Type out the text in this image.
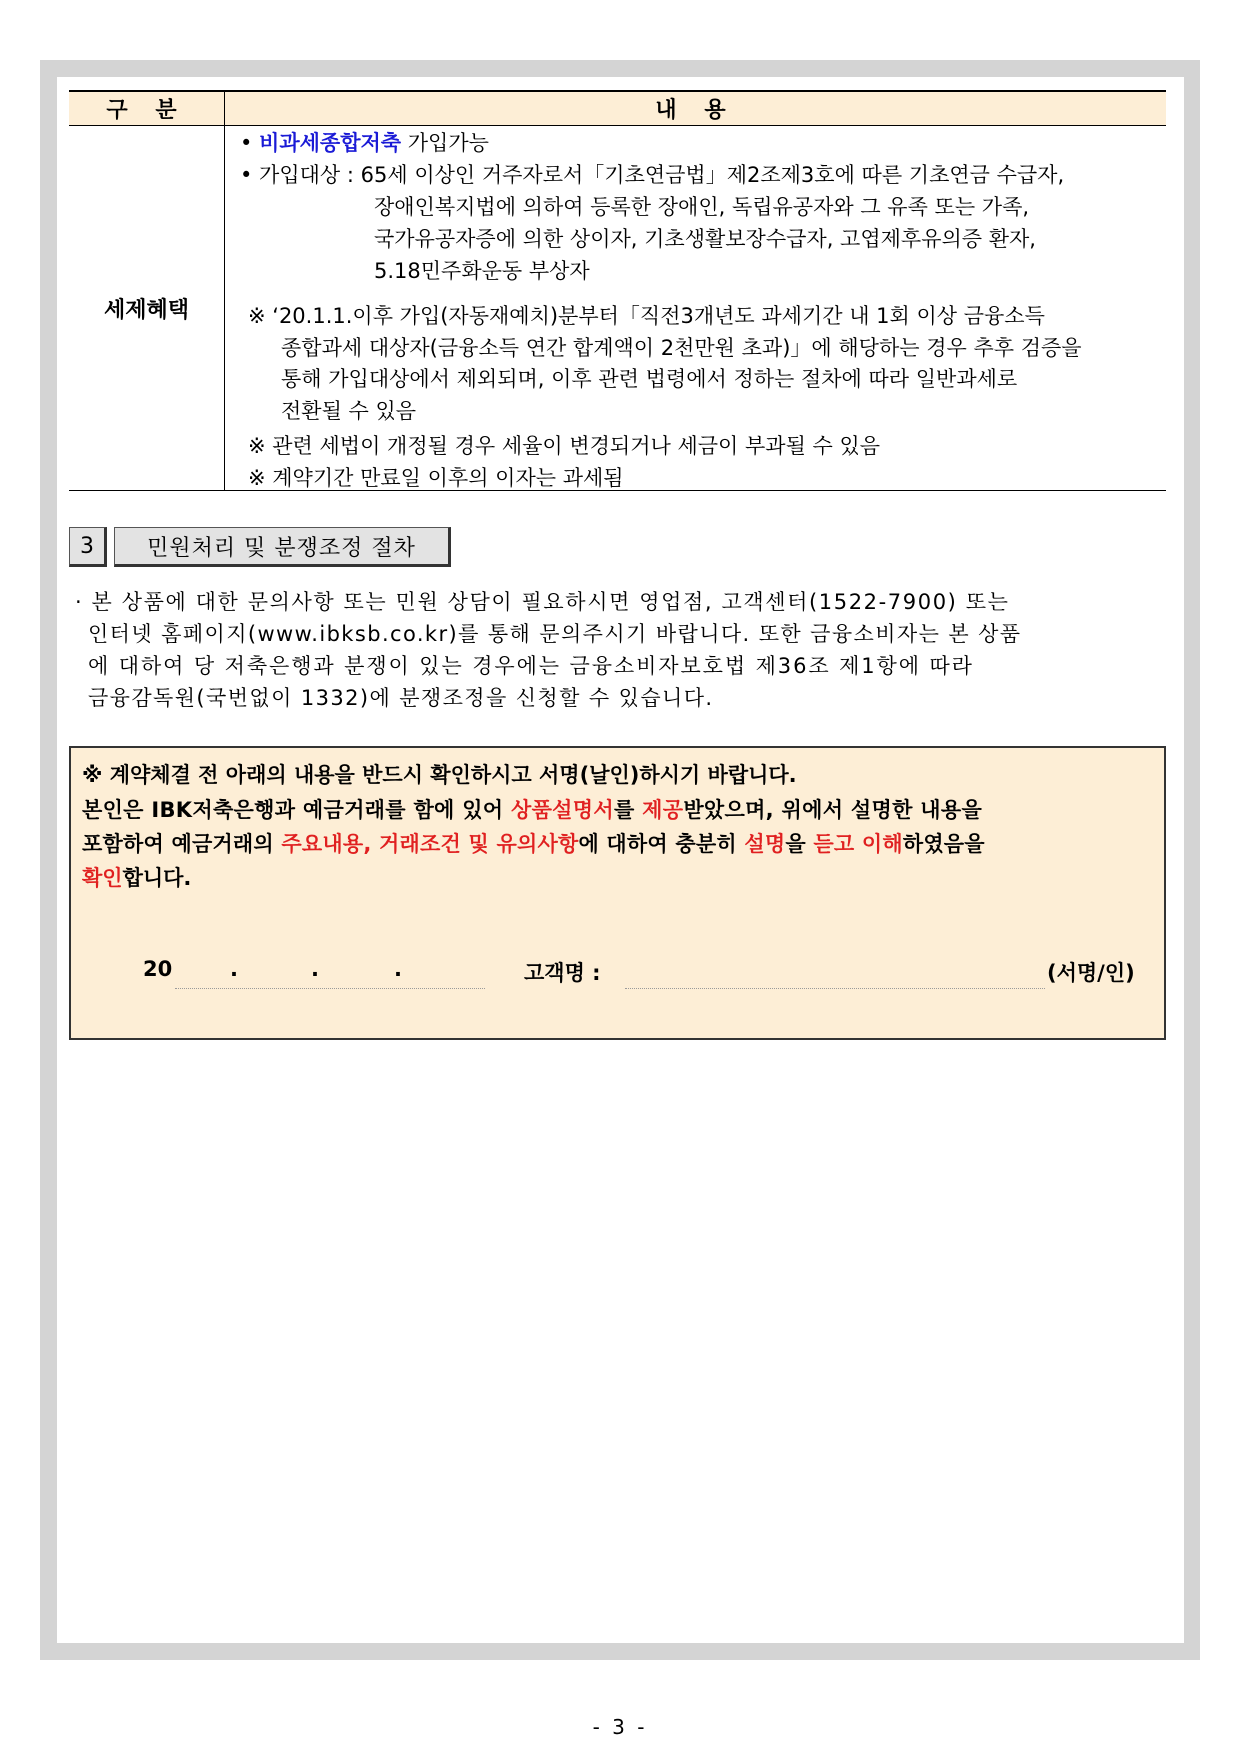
구 분	내 용
세제혜택	
• 비과세종합저축 가입가능
• 가입대상 : 65세 이상인 거주자로서「기초연금법」제2조제3호에 따른 기초연금 수급자,
장애인복지법에 의하여 등록한 장애인, 독립유공자와 그 유족 또는 가족,
국가유공자증에 의한 상이자, 기초생활보장수급자, 고엽제후유의증 환자,
5.18민주화운동 부상자
※ ‘20.1.1.이후 가입(자동재예치)분부터「직전3개년도 과세기간 내 1회 이상 금융소득
종합과세 대상자(금융소득 연간 합계액이 2천만원 초과)」에 해당하는 경우 추후 검증을
통해 가입대상에서 제외되며, 이후 관련 법령에서 정하는 절차에 따라 일반과세로
전환될 수 있음
※ 관련 세법이 개정될 경우 세율이 변경되거나 세금이 부과될 수 있음
※ 계약기간 만료일 이후의 이자는 과세됨
3	민원처리 및 분쟁조정 절차
· 본 상품에 대한 문의사항 또는 민원 상담이 필요하시면 영업점, 고객센터(1522-7900) 또는
인터넷 홈페이지(www.ibksb.co.kr)를 통해 문의주시기 바랍니다. 또한 금융소비자는 본 상품
에 대하여 당 저축은행과 분쟁이 있는 경우에는 금융소비자보호법 제36조 제1항에 따라
금융감독원(국번없이 1332)에 분쟁조정을 신청할 수 있습니다.
※ 계약체결 전 아래의 내용을 반드시 확인하시고 서명(날인)하시기 바랍니다.
본인은 IBK저축은행과 예금거래를 함에 있어 상품설명서를 제공받았으며, 위에서 설명한 내용을
포함하여 예금거래의 주요내용, 거래조건 및 유의사항에 대하여 충분히 설명을 듣고 이해하였음을
확인합니다.
20	.	.	.	고객명 :	(서명/인)
- 3 -
